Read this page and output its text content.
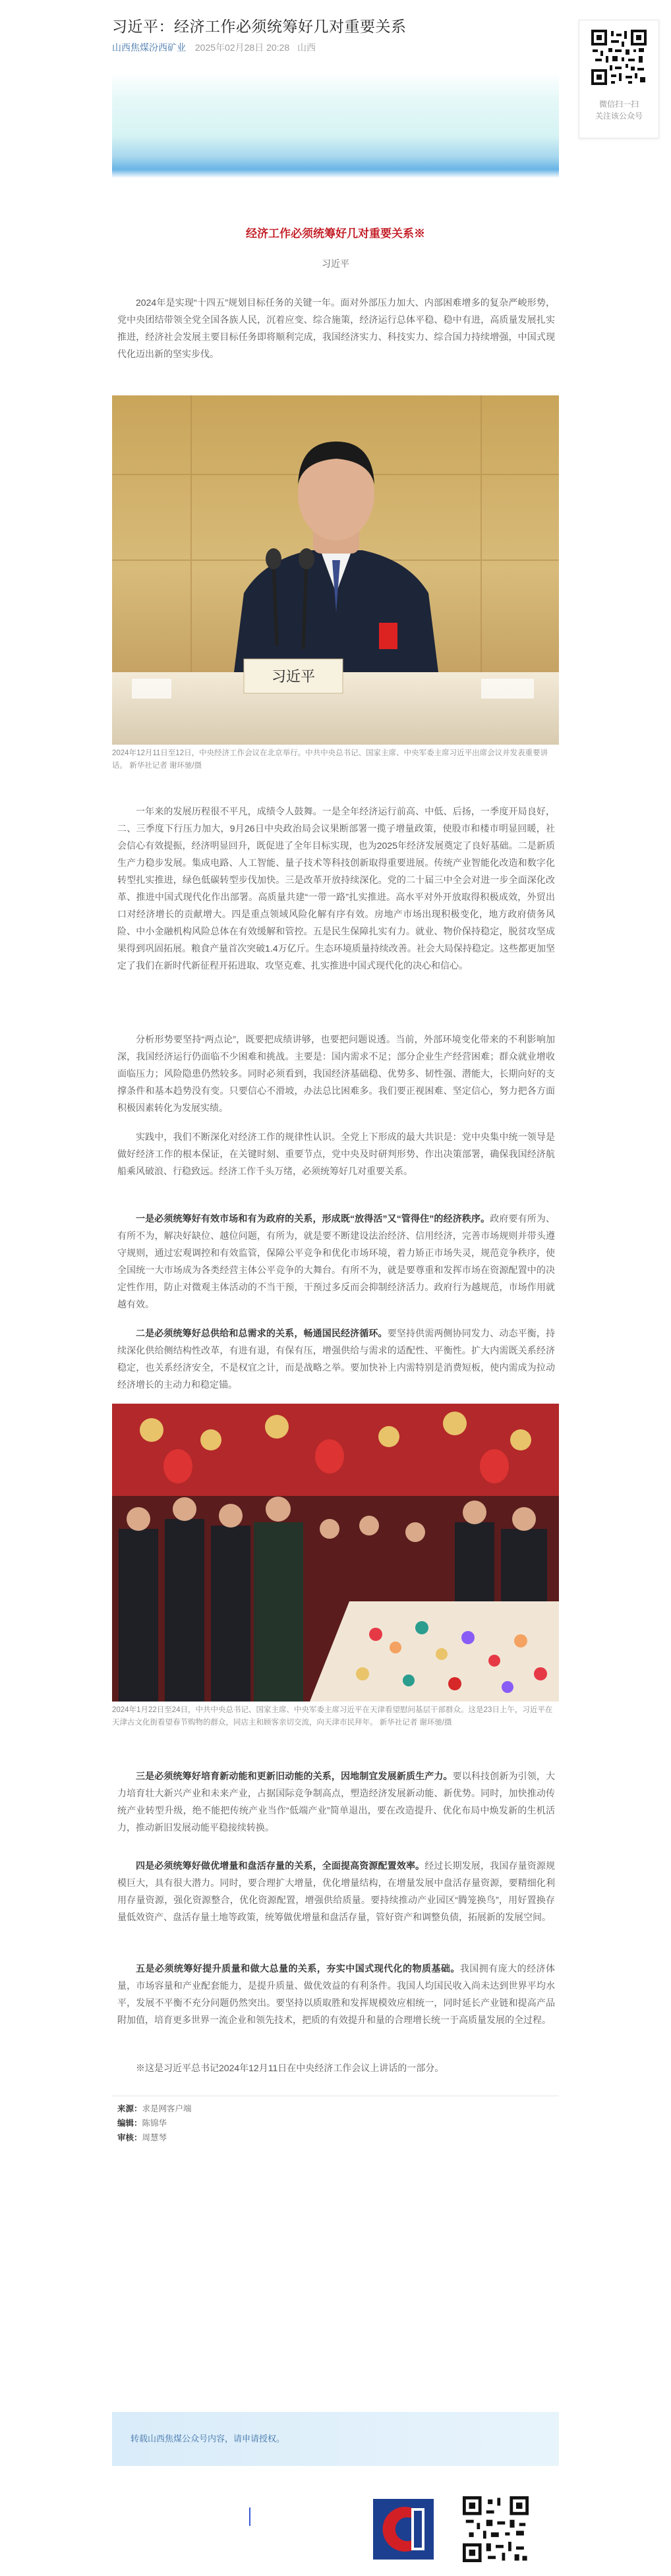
习近平：经济工作必须统筹好几对重要关系
山西焦煤汾西矿业 2025年02月28日 20:28 山西
微信扫一扫
关注该公众号
经济工作必须统筹好几对重要关系※
习近平

2024年是实现“十四五”规划目标任务的关键一年。面对外部压力加大、内部困难增多的复杂严峻形势，党中央团结带领全党全国各族人民，沉着应变、综合施策，经济运行总体平稳、稳中有进，高质量发展扎实推进，经济社会发展主要目标任务即将顺利完成，我国经济实力、科技实力、综合国力持续增强，中国式现代化迈出新的坚实步伐。

习近平

2024年12月11日至12日，中央经济工作会议在北京举行。中共中央总书记、国家主席、中央军委主席习近平出席会议并发表重要讲话。 新华社记者 谢环驰/摄

一年来的发展历程很不平凡，成绩令人鼓舞。一是全年经济运行前高、中低、后扬，一季度开局良好，二、三季度下行压力加大，9月26日中央政治局会议果断部署一揽子增量政策，使股市和楼市明显回暖，社会信心有效提振，经济明显回升，既促进了全年目标实现，也为2025年经济发展奠定了良好基础。二是新质生产力稳步发展。集成电路、人工智能、量子技术等科技创新取得重要进展。传统产业智能化改造和数字化转型扎实推进，绿色低碳转型步伐加快。三是改革开放持续深化。党的二十届三中全会对进一步全面深化改革、推进中国式现代化作出部署。高质量共建“一带一路”扎实推进。高水平对外开放取得积极成效，外贸出口对经济增长的贡献增大。四是重点领域风险化解有序有效。房地产市场出现积极变化，地方政府债务风险、中小金融机构风险总体在有效缓解和管控。五是民生保障扎实有力。就业、物价保持稳定，脱贫攻坚成果得到巩固拓展。粮食产量首次突破1.4万亿斤。生态环境质量持续改善。社会大局保持稳定。这些都更加坚定了我们在新时代新征程开拓进取、攻坚克难、扎实推进中国式现代化的决心和信心。

分析形势要坚持“两点论”，既要把成绩讲够，也要把问题说透。当前，外部环境变化带来的不利影响加深，我国经济运行仍面临不少困难和挑战。主要是：国内需求不足；部分企业生产经营困难；群众就业增收面临压力；风险隐患仍然较多。同时必须看到，我国经济基础稳、优势多、韧性强、潜能大，长期向好的支撑条件和基本趋势没有变。只要信心不滑坡，办法总比困难多。我们要正视困难、坚定信心，努力把各方面积极因素转化为发展实绩。

实践中，我们不断深化对经济工作的规律性认识。全党上下形成的最大共识是：党中央集中统一领导是做好经济工作的根本保证，在关键时刻、重要节点，党中央及时研判形势、作出决策部署，确保我国经济航船乘风破浪、行稳致远。经济工作千头万绪，必须统筹好几对重要关系。

一是必须统筹好有效市场和有为政府的关系，形成既“放得活”又“管得住”的经济秩序。政府要有所为、有所不为，解决好缺位、越位问题，有所为，就是要不断建设法治经济、信用经济，完善市场规则并带头遵守规则，通过宏观调控和有效监管，保障公平竞争和优化市场环境，着力矫正市场失灵，规范竞争秩序，使全国统一大市场成为各类经营主体公平竞争的大舞台。有所不为，就是要尊重和发挥市场在资源配置中的决定性作用，防止对微观主体活动的不当干预，干预过多反而会抑制经济活力。政府行为越规范，市场作用就越有效。

二是必须统筹好总供给和总需求的关系，畅通国民经济循环。要坚持供需两侧协同发力、动态平衡，持续深化供给侧结构性改革，有进有退，有保有压，增强供给与需求的适配性、平衡性。扩大内需既关系经济稳定，也关系经济安全，不是权宜之计，而是战略之举。要加快补上内需特别是消费短板，使内需成为拉动经济增长的主动力和稳定锚。

2024年1月22日至24日，中共中央总书记、国家主席、中央军委主席习近平在天津看望慰问基层干部群众。这是23日上午，习近平在天津古文化街看望春节购物的群众，同店主和顾客亲切交流，向天津市民拜年。 新华社记者 谢环驰/摄

三是必须统筹好培育新动能和更新旧动能的关系，因地制宜发展新质生产力。要以科技创新为引领，大力培育壮大新兴产业和未来产业，占据国际竞争制高点，塑造经济发展新动能、新优势。同时，加快推动传统产业转型升级，绝不能把传统产业当作“低端产业”简单退出，要在改造提升、优化布局中焕发新的生机活力，推动新旧发展动能平稳接续转换。

四是必须统筹好做优增量和盘活存量的关系，全面提高资源配置效率。经过长期发展，我国存量资源规模巨大，具有很大潜力。同时，要合理扩大增量，优化增量结构，在增量发展中盘活存量资源，要精细化利用存量资源，强化资源整合，优化资源配置，增强供给质量。要持续推动产业园区“腾笼换鸟”，用好置换存量低效资产、盘活存量土地等政策，统筹做优增量和盘活存量，管好资产和调整负债，拓展新的发展空间。

五是必须统筹好提升质量和做大总量的关系，夯实中国式现代化的物质基础。我国拥有庞大的经济体量，市场容量和产业配套能力，是提升质量、做优效益的有利条件。我国人均国民收入尚未达到世界平均水平，发展不平衡不充分问题仍然突出。要坚持以质取胜和发挥规模效应相统一，同时延长产业链和提高产品附加值，培育更多世界一流企业和领先技术，把质的有效提升和量的合理增长统一于高质量发展的全过程。

※这是习近平总书记2024年12月11日在中央经济工作会议上讲话的一部分。

来源：求是网客户端
编辑：陈锦华
审核：周慧琴
转载山西焦煤公众号内容，请申请授权。
